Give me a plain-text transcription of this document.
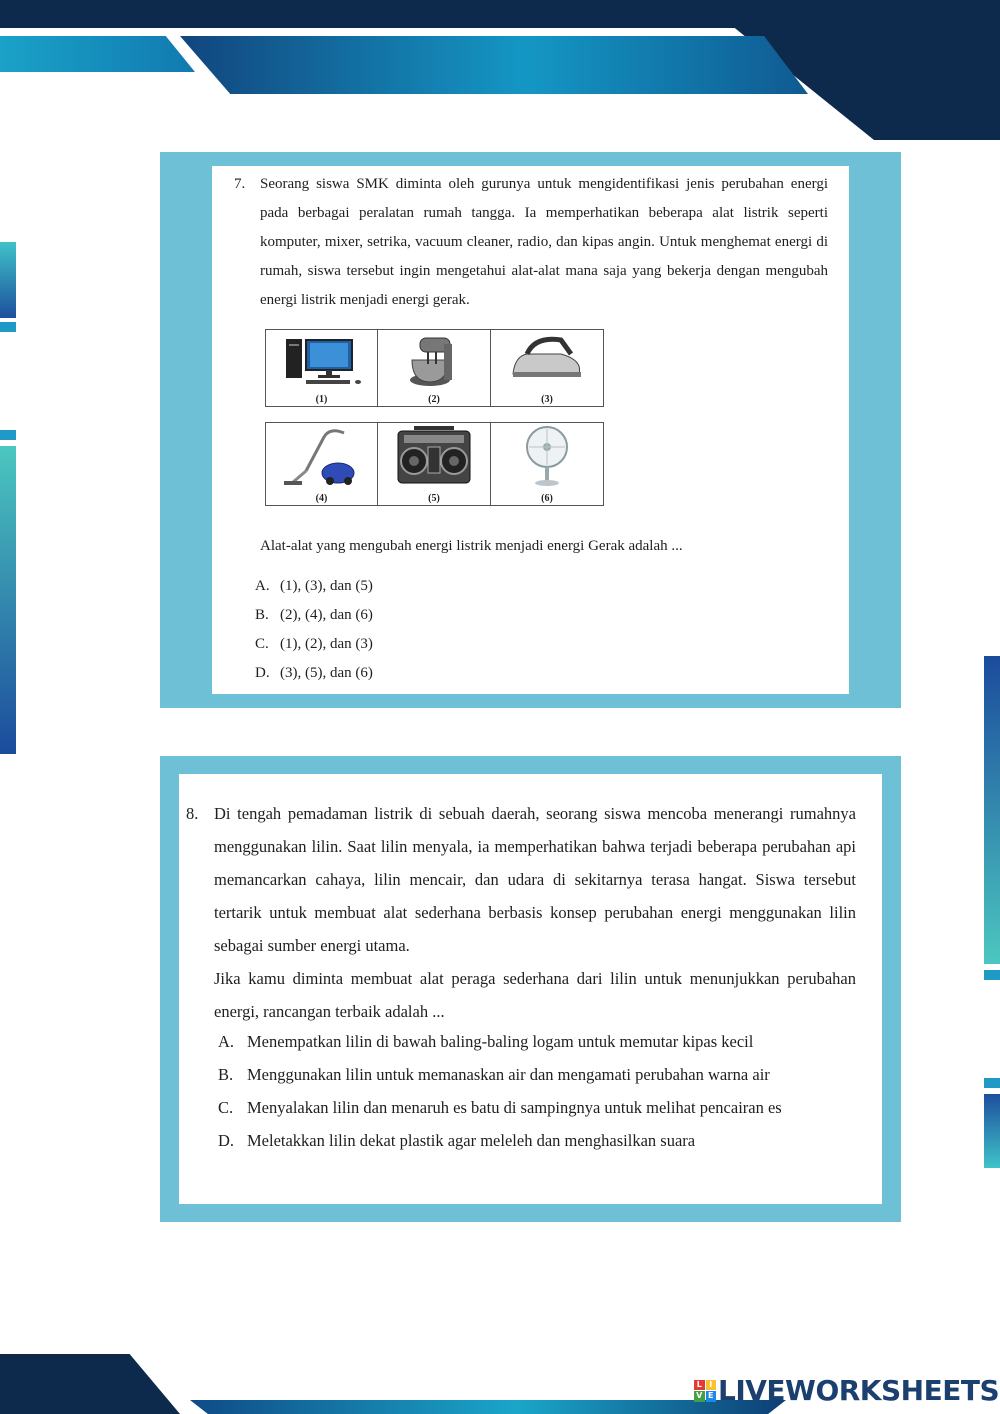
7. Seorang siswa SMK diminta oleh gurunya untuk mengidentifikasi jenis perubahan energi pada berbagai peralatan rumah tangga. Ia memperhatikan beberapa alat listrik seperti komputer, mixer, setrika, vacuum cleaner, radio, dan kipas angin. Untuk menghemat energi di rumah, siswa tersebut ingin mengetahui alat-alat mana saja yang bekerja dengan mengubah energi listrik menjadi energi gerak.
(1)	(2)	(3)
(4)	(5)	(6)
Alat-alat yang mengubah energi listrik menjadi energi Gerak adalah ...
A. (1), (3), dan (5)
B. (2), (4), dan (6)
C. (1), (2), dan (3)
D. (3), (5), dan (6)
8. Di tengah pemadaman listrik di sebuah daerah, seorang siswa mencoba menerangi rumahnya menggunakan lilin. Saat lilin menyala, ia memperhatikan bahwa terjadi beberapa perubahan api memancarkan cahaya, lilin mencair, dan udara di sekitarnya terasa hangat. Siswa tersebut tertarik untuk membuat alat sederhana berbasis konsep perubahan energi menggunakan lilin sebagai sumber energi utama.

Jika kamu diminta membuat alat peraga sederhana dari lilin untuk menunjukkan perubahan energi, rancangan terbaik adalah ...

A. Menempatkan lilin di bawah baling-baling logam untuk memutar kipas kecil
B. Menggunakan lilin untuk memanaskan air dan mengamati perubahan warna air
C. Menyalakan lilin dan menaruh es batu di sampingnya untuk melihat pencairan es
D. Meletakkan lilin dekat plastik agar meleleh dan menghasilkan suara
L I
V E LIVEWORKSHEETS
